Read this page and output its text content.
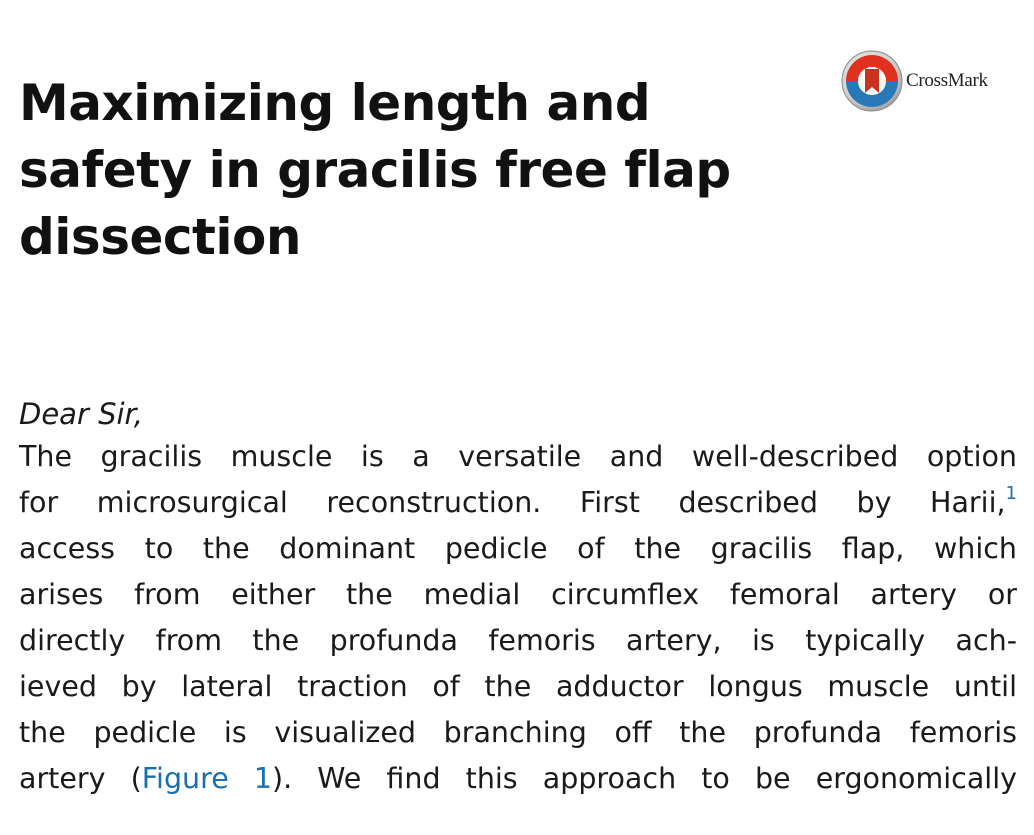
Maximizing length and
safety in gracilis free flap
dissection
CrossMark

Dear Sir,

The gracilis muscle is a versatile and well-described option
for microsurgical reconstruction. First described by Harii,$^1$
access to the dominant pedicle of the gracilis flap, which
arises from either the medial circumflex femoral artery or
directly from the profunda femoris artery, is typically ach-
ieved by lateral traction of the adductor longus muscle until
the pedicle is visualized branching off the profunda femoris
artery (Figure 1). We find this approach to be ergonomically
